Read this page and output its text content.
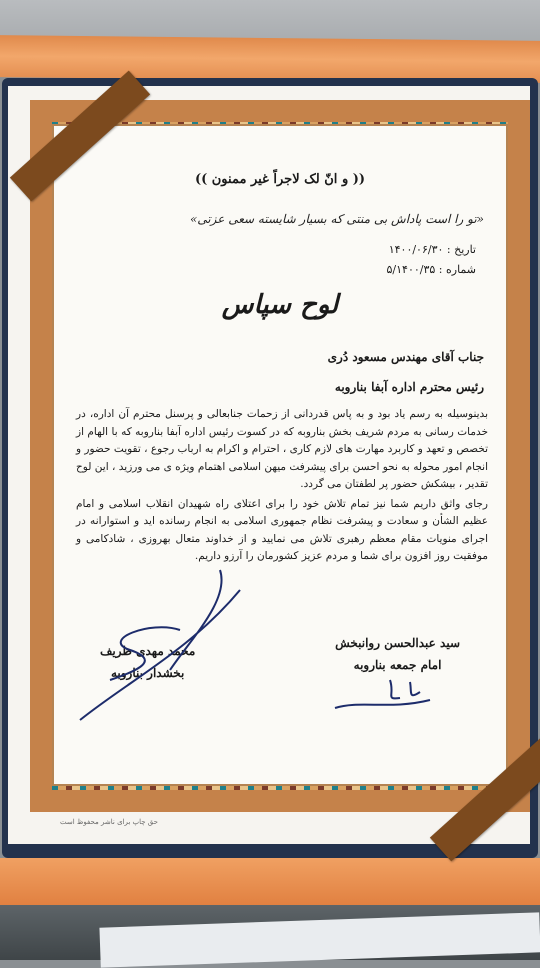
(( و انّ لک لاجراً غیر ممنون ))
«تو را است پاداش بی منتی که بسیار شایسته سعی عزتی»
تاریخ : ۱۴۰۰/۰۶/۳۰
شماره : ۵/۱۴۰۰/۳۵
لوح سپاس
جناب آقای مهندس مسعود دُری
رئیس محترم اداره آبفا بناروبه

بدینوسیله به رسم یاد بود و به پاس قدردانی از زحمات جنابعالی و پرسنل محترم آن اداره، در خدمات رسانی به مردم شریف بخش بناروبه که در کسوت رئیس اداره آبفا بناروبه که با الهام از تخصص و تعهد و کاربرد مهارت های لازم کاری ، احترام و اکرام به ارباب رجوع ، تقویت حضور و انجام امور محوله به نحو احسن برای پیشرفت میهن اسلامی اهتمام ویژه ی می ورزید ، این لوح تقدیر ، بیشکش حضور پر لطفتان می گردد.

رجای واثق داریم شما نیز تمام تلاش خود را برای اعتلای راه شهیدان انقلاب اسلامی و امام عظیم الشأن و سعادت و پیشرفت نظام جمهوری اسلامی به انجام رسانده اید و استوارانه در اجرای منویات مقام معظم رهبری تلاش می نمایید و از خداوند متعال بهروزی ، شادکامی و موفقیت روز افزون برای شما و مردم عزیز کشورمان را آرزو داریم.

سید عبدالحسن روانبخش
امام جمعه بناروبه
محمد مهدی ظریف
بخشدار بناروبه
حق چاپ برای ناشر محفوظ است
